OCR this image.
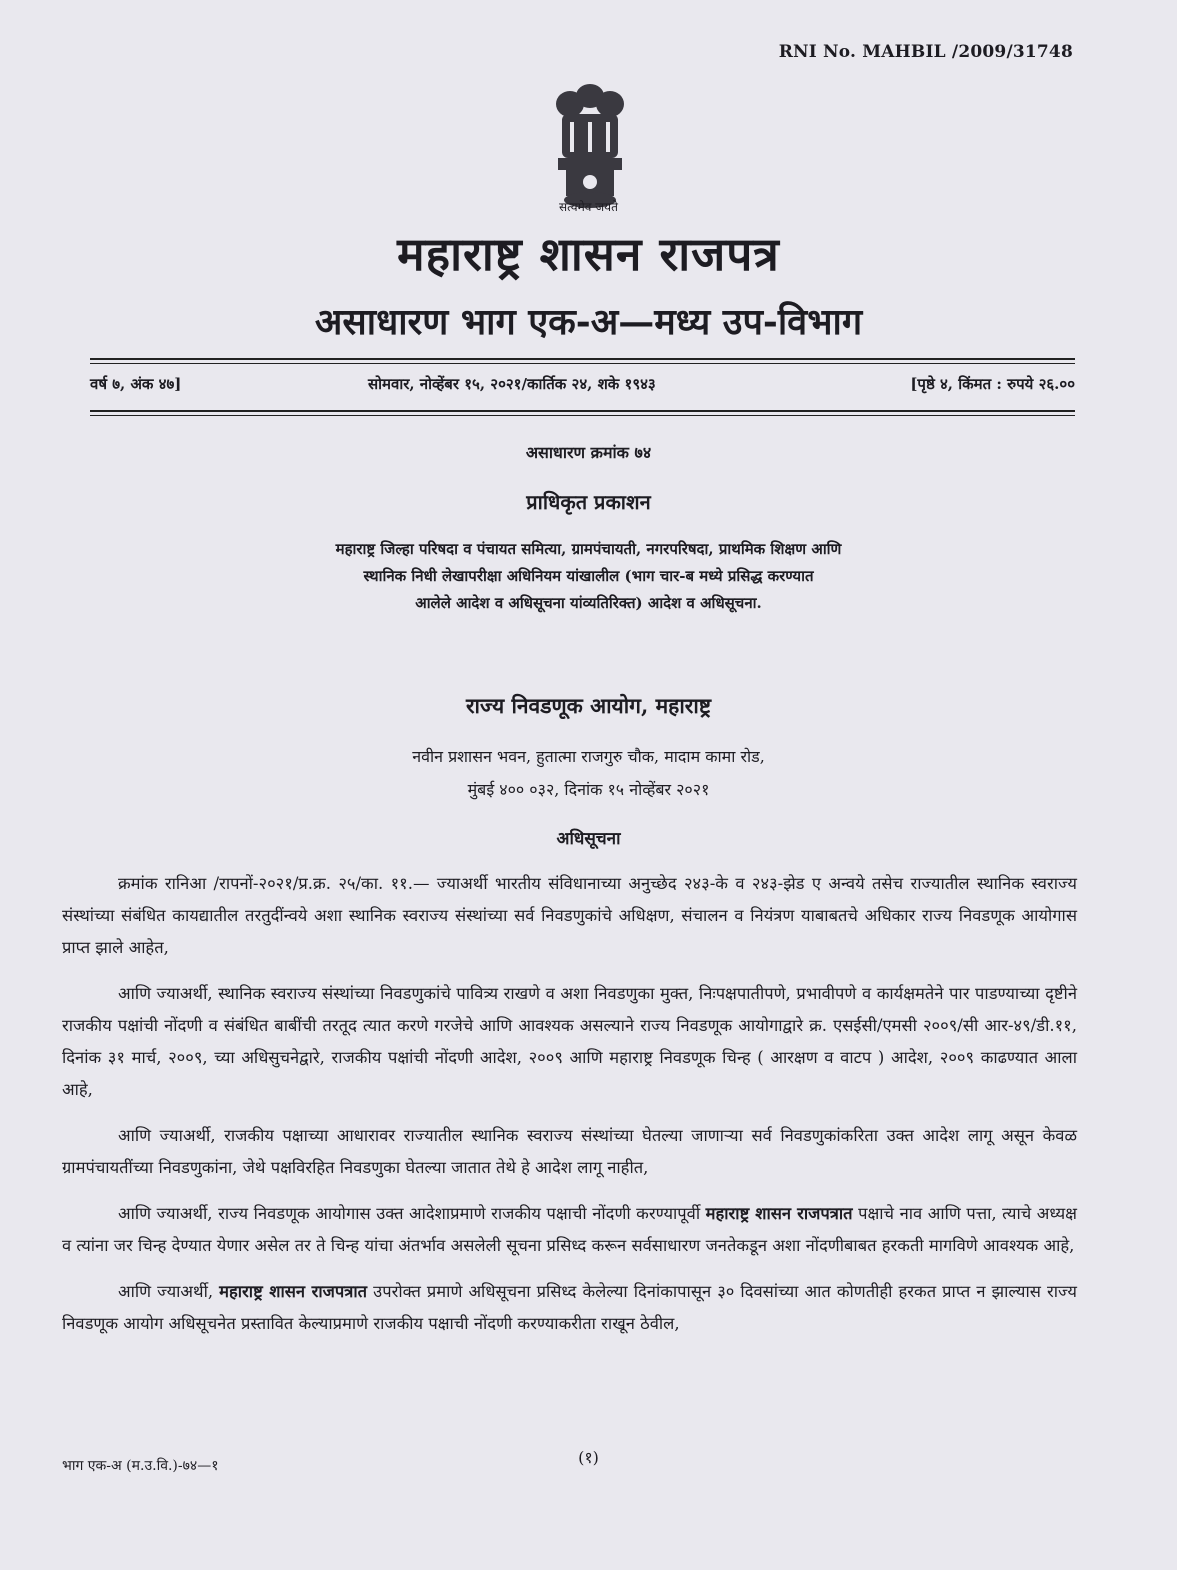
RNI No. MAHBIL /2009/31748
सत्यमेव जयते
महाराष्ट्र शासन राजपत्र
असाधारण भाग एक-अ—मध्य उप-विभाग
वर्ष ७, अंक ४७]	सोमवार, नोव्हेंबर १५, २०२१/कार्तिक २४, शके १९४३	[पृष्ठे ४, किंमत : रुपये २६.००
असाधारण क्रमांक ७४
प्राधिकृत प्रकाशन
महाराष्ट्र जिल्हा परिषदा व पंचायत समित्या, ग्रामपंचायती, नगरपरिषदा, प्राथमिक शिक्षण आणि
स्थानिक निधी लेखापरीक्षा अधिनियम यांखालील (भाग चार-ब मध्ये प्रसिद्ध करण्यात
आलेले आदेश व अधिसूचना यांव्यतिरिक्त) आदेश व अधिसूचना.
राज्य निवडणूक आयोग, महाराष्ट्र
नवीन प्रशासन भवन, हुतात्मा राजगुरु चौक, मादाम कामा रोड,
मुंबई ४०० ०३२, दिनांक १५ नोव्हेंबर २०२१
अधिसूचना

क्रमांक रानिआ /रापनों-२०२१/प्र.क्र. २५/का. ११.— ज्याअर्थी भारतीय संविधानाच्या अनुच्छेद २४३-के व २४३-झेड ए अन्वये तसेच राज्यातील स्थानिक स्वराज्य संस्थांच्या संबंधित कायद्यातील तरतुदींन्वये अशा स्थानिक स्वराज्य संस्थांच्या सर्व निवडणुकांचे अधिक्षण, संचालन व नियंत्रण याबाबतचे अधिकार राज्य निवडणूक आयोगास प्राप्त झाले आहेत,

आणि ज्याअर्थी, स्थानिक स्वराज्य संस्थांच्या निवडणुकांचे पावित्र्य राखणे व अशा निवडणुका मुक्त, निःपक्षपातीपणे, प्रभावीपणे व कार्यक्षमतेने पार पाडण्याच्या दृष्टीने राजकीय पक्षांची नोंदणी व संबंधित बाबींची तरतूद त्यात करणे गरजेचे आणि आवश्यक असल्याने राज्य निवडणूक आयोगाद्वारे क्र. एसईसी/एमसी २००९/सी आर-४९/डी.११, दिनांक ३१ मार्च, २००९, च्या अधिसुचनेद्वारे, राजकीय पक्षांची नोंदणी आदेश, २००९ आणि महाराष्ट्र निवडणूक चिन्ह ( आरक्षण व वाटप ) आदेश, २००९ काढण्यात आला आहे,

आणि ज्याअर्थी, राजकीय पक्षाच्या आधारावर राज्यातील स्थानिक स्वराज्य संस्थांच्या घेतल्या जाणाऱ्या सर्व निवडणुकांकरिता उक्त आदेश लागू असून केवळ ग्रामपंचायतींच्या निवडणुकांना, जेथे पक्षविरहित निवडणुका घेतल्या जातात तेथे हे आदेश लागू नाहीत,

आणि ज्याअर्थी, राज्य निवडणूक आयोगास उक्त आदेशाप्रमाणे राजकीय पक्षाची नोंदणी करण्यापूर्वी महाराष्ट्र शासन राजपत्रात पक्षाचे नाव आणि पत्ता, त्याचे अध्यक्ष व त्यांना जर चिन्ह देण्यात येणार असेल तर ते चिन्ह यांचा अंतर्भाव असलेली सूचना प्रसिध्द करून सर्वसाधारण जनतेकडून अशा नोंदणीबाबत हरकती मागविणे आवश्यक आहे,

आणि ज्याअर्थी, महाराष्ट्र शासन राजपत्रात उपरोक्त प्रमाणे अधिसूचना प्रसिध्द केलेल्या दिनांकापासून ३० दिवसांच्या आत कोणतीही हरकत प्राप्त न झाल्यास राज्य निवडणूक आयोग अधिसूचनेत प्रस्तावित केल्याप्रमाणे राजकीय पक्षाची नोंदणी करण्याकरीता राखून ठेवील,

भाग एक-अ (म.उ.वि.)-७४—१	(१)
